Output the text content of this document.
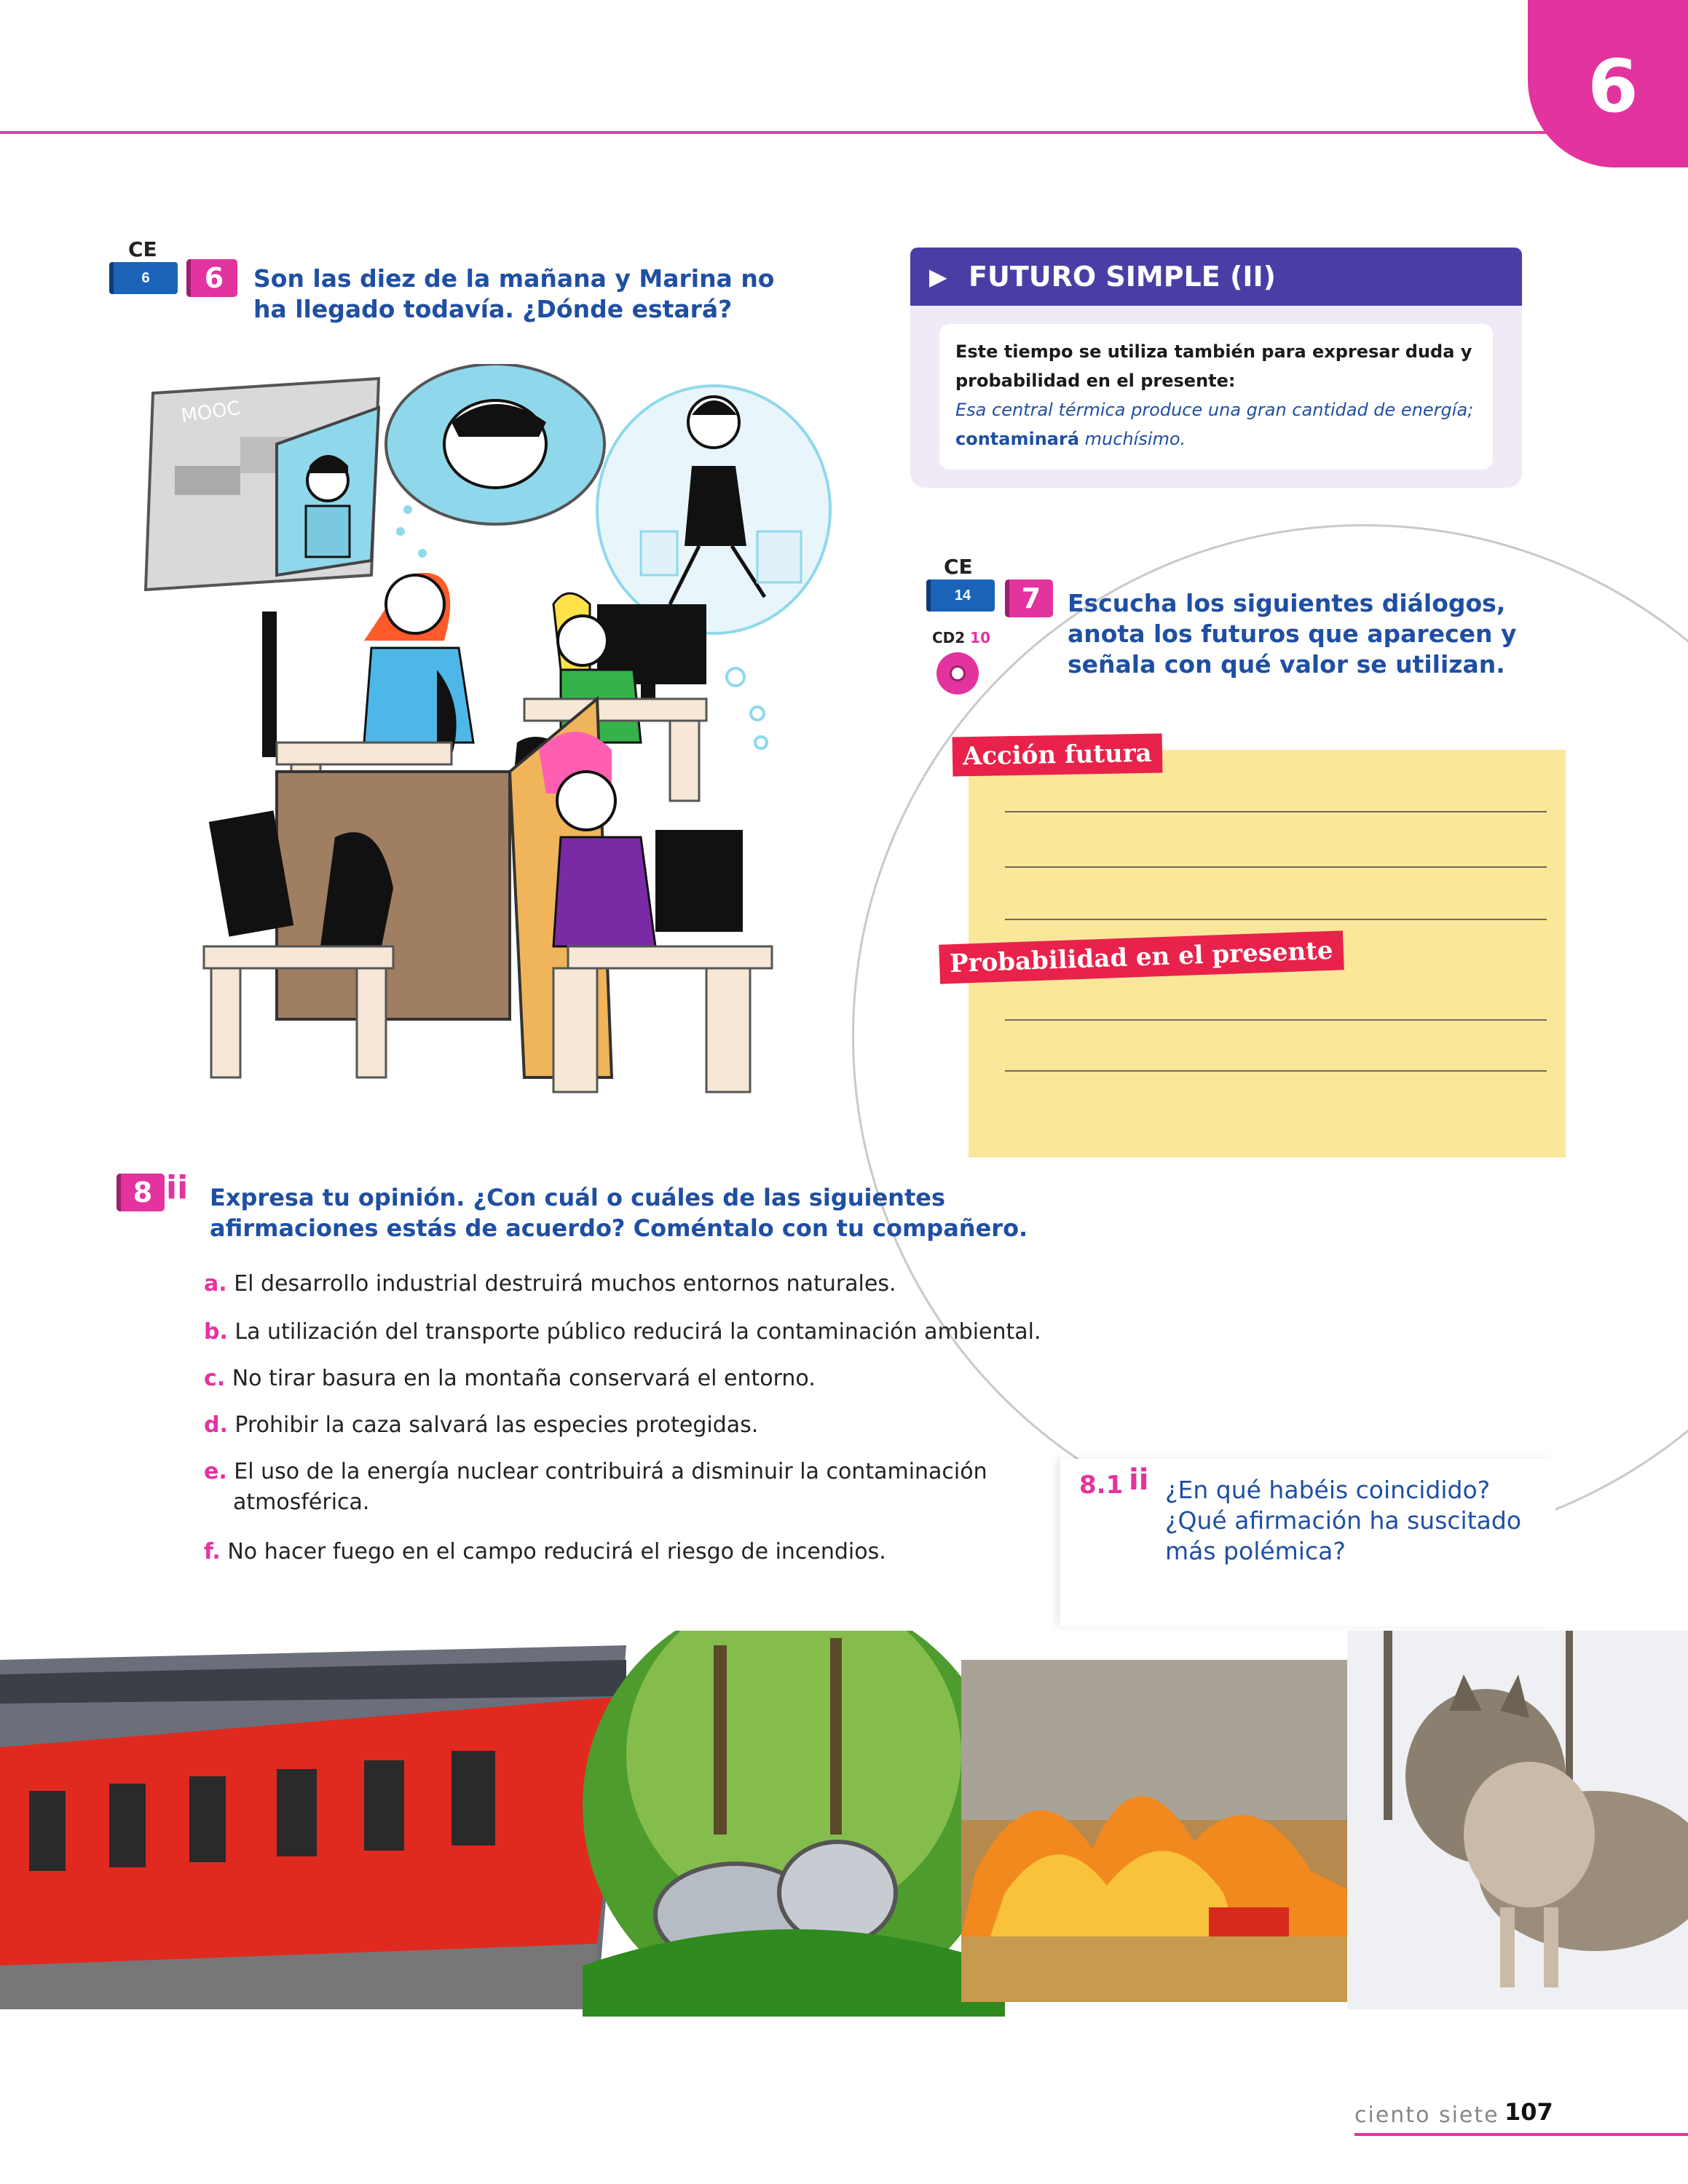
6
CE
6	6	Son las diez de la mañana y Marina no
ha llegado todavía. ¿Dónde estará?
MOOC
▶ FUTURO SIMPLE (II)
Este tiempo se utiliza también para expresar duda y
probabilidad en el presente:
Esa central térmica produce una gran cantidad de energía;
contaminará muchísimo.
CE
14
CD2 10
7	Escucha los siguientes diálogos,
anota los futuros que aparecen y
señala con qué valor se utilizan.
Acción futura
Probabilidad en el presente
8 ii Expresa tu opinión. ¿Con cuál o cuáles de las siguientes
afirmaciones estás de acuerdo? Coméntalo con tu compañero.
a. El desarrollo industrial destruirá muchos entornos naturales.
b. La utilización del transporte público reducirá la contaminación ambiental.
c. No tirar basura en la montaña conservará el entorno.
d. Prohibir la caza salvará las especies protegidas.
e. El uso de la energía nuclear contribuirá a disminuir la contaminación
atmosférica.
f. No hacer fuego en el campo reducirá el riesgo de incendios.
8.1 ii ¿En qué habéis coincidido?
¿Qué afirmación ha suscitado
más polémica?
ciento siete 107
